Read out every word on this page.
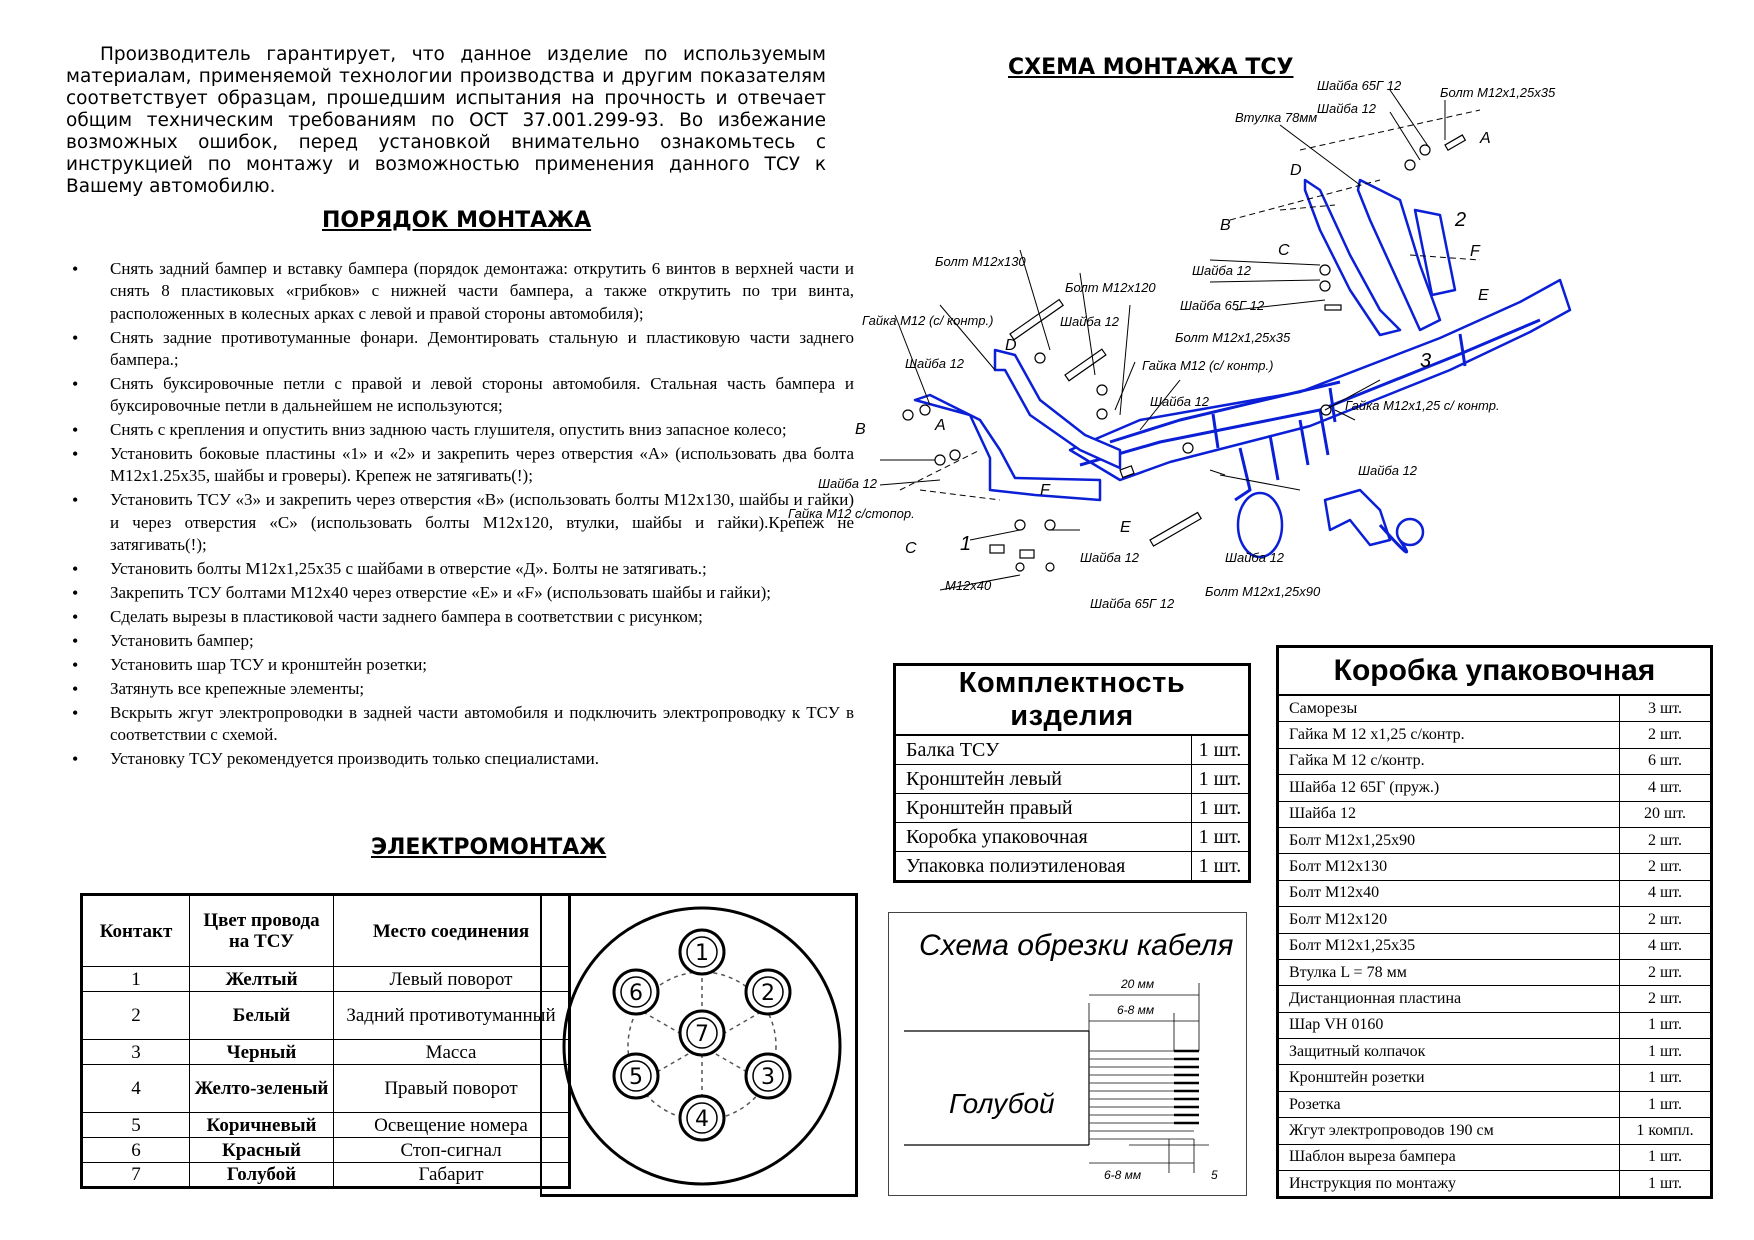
Производитель гарантирует, что данное изделие по используемым материалам, применяемой технологии производства и другим показателям соответствует образцам, прошедшим испытания на прочность и отвечает общим техническим требованиям по ОСТ 37.001.299-93. Во избежание возможных ошибок, перед установкой внимательно ознакомьтесь с инструкцией по монтажу и возможностью применения данного ТСУ к Вашему автомобилю.

ПОРЯДОК МОНТАЖА
• Снять задний бампер и вставку бампера (порядок демонтажа: открутить 6 винтов в верхней части и снять 8 пластиковых «грибков» с нижней части бампера, а также открутить по три винта, расположенных в колесных арках с левой и правой стороны автомобиля);
• Снять задние противотуманные фонари. Демонтировать стальную и пластиковую части заднего бампера.;
• Снять буксировочные петли с правой и левой стороны автомобиля. Стальная часть бампера и буксировочные петли в дальнейшем не используются;
• Снять с крепления и опустить вниз заднюю часть глушителя, опустить вниз запасное колесо;
• Установить боковые пластины «1» и «2» и закрепить через отверстия «А» (использовать два болта М12х1.25х35, шайбы и гроверы). Крепеж не затягивать(!);
• Установить ТСУ «3» и закрепить через отверстия «В» (использовать болты М12х130, шайбы и гайки) и через отверстия «С» (использовать болты М12х120, втулки, шайбы и гайки).Крепеж не затягивать(!);
• Установить болты М12х1,25х35 с шайбами в отверстие «Д». Болты не затягивать.;
• Закрепить ТСУ болтами М12х40 через отверстие «Е» и «F» (использовать шайбы и гайки);
• Сделать вырезы в пластиковой части заднего бампера в соответствии с рисунком;
• Установить бампер;
• Установить шар ТСУ и кронштейн розетки;
• Затянуть все крепежные элементы;
• Вскрыть жгут электропроводки в задней части автомобиля и подключить электропроводку к ТСУ в соответствии с схемой.
• Установку ТСУ рекомендуется производить только специалистами.
ЭЛЕКТРОМОНТАЖ
Контакт	Цвет провода на ТСУ	Место соединения
1	Желтый	Левый поворот
2	Белый	Задний противотуманный
3	Черный	Масса
4	Желто-зеленый	Правый поворот
5	Коричневый	Освещение номера
6	Красный	Стоп-сигнал
7	Голубой	Габарит
1
2
3
4
5
6
7
СХЕМА МОНТАЖА ТСУ
Шайба 65Г 12
Шайба 12
Болт М12х1,25х35
Втулка 78мм
Болт М12х130
Болт М12х120
Шайба 12
Шайба 65Г 12
Болт М12х1,25х35
Гайка М12 (с/ контр.)	Шайба 12
Шайба 12	Гайка М12 (с/ контр.)
Шайба 12	Гайка М12х1,25 с/ контр.
Шайба 12
Шайба 12
Гайка М12 с/стопор.
Шайба 12	Шайба 12
М12х40	Болт М12х1,25х90
Шайба 65Г 12
A
A
B
B
C
C
D
D
E
E
F
F
1
2
3
Комплектность изделия	
Балка ТСУ	1 шт.
Кронштейн левый	1 шт.
Кронштейн правый	1 шт.
Коробка упаковочная	1 шт.
Упаковка полиэтиленовая	1 шт.
Схема обрезки кабеля
20 мм
6-8 мм
6-8 мм	5
Голубой
Коробка упаковочная	
Саморезы	3 шт.
Гайка М 12 х1,25 с/контр.	2 шт.
Гайка М 12 с/контр.	6 шт.
Шайба 12 65Г (пруж.)	4 шт.
Шайба 12	20 шт.
Болт М12х1,25х90	2 шт.
Болт М12х130	2 шт.
Болт М12х40	4 шт.
Болт М12х120	2 шт.
Болт М12х1,25х35	4 шт.
Втулка L = 78 мм	2 шт.
Дистанционная пластина	2 шт.
Шар VH 0160	1 шт.
Защитный колпачок	1 шт.
Кронштейн розетки	1 шт.
Розетка	1 шт.
Жгут электропроводов 190 см	1 компл.
Шаблон выреза бампера	1 шт.
Инструкция по монтажу	1 шт.
